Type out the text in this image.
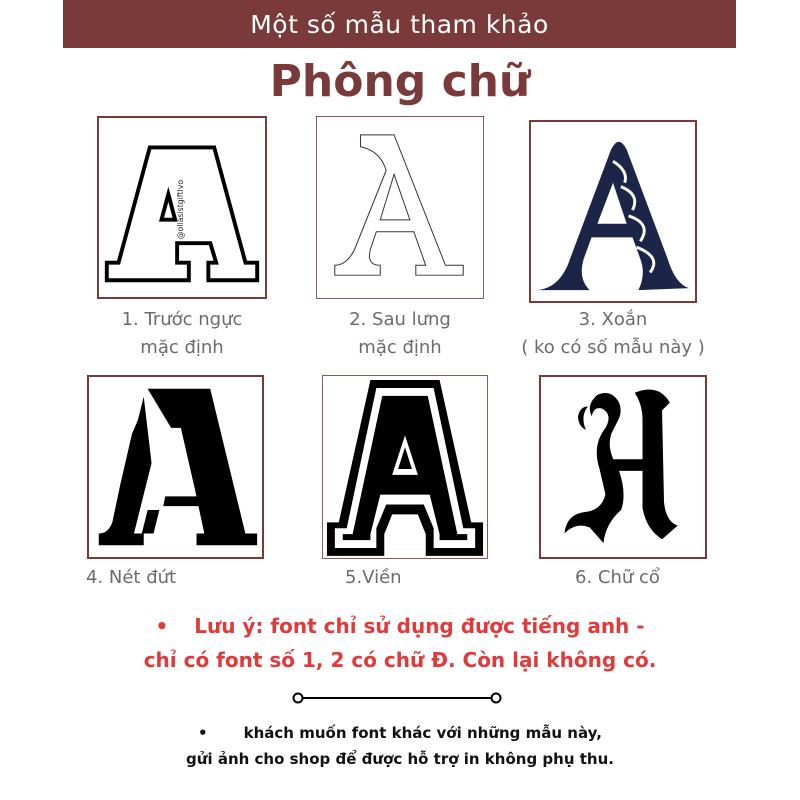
Một số mẫu tham khảo
Phông chữ
@oliasistgiftlvo
1. Trước ngực
mặc định
2. Sau lưng
mặc định
3. Xoắn
( ko có số mẫu này )
4. Nét đứt	5.Viền	6. Chữ cổ
• Lưu ý: font chỉ sử dụng được tiếng anh -
chỉ có font số 1, 2 có chữ Đ. Còn lại không có.
• khách muốn font khác với những mẫu này,
gửi ảnh cho shop để được hỗ trợ in không phụ thu.
